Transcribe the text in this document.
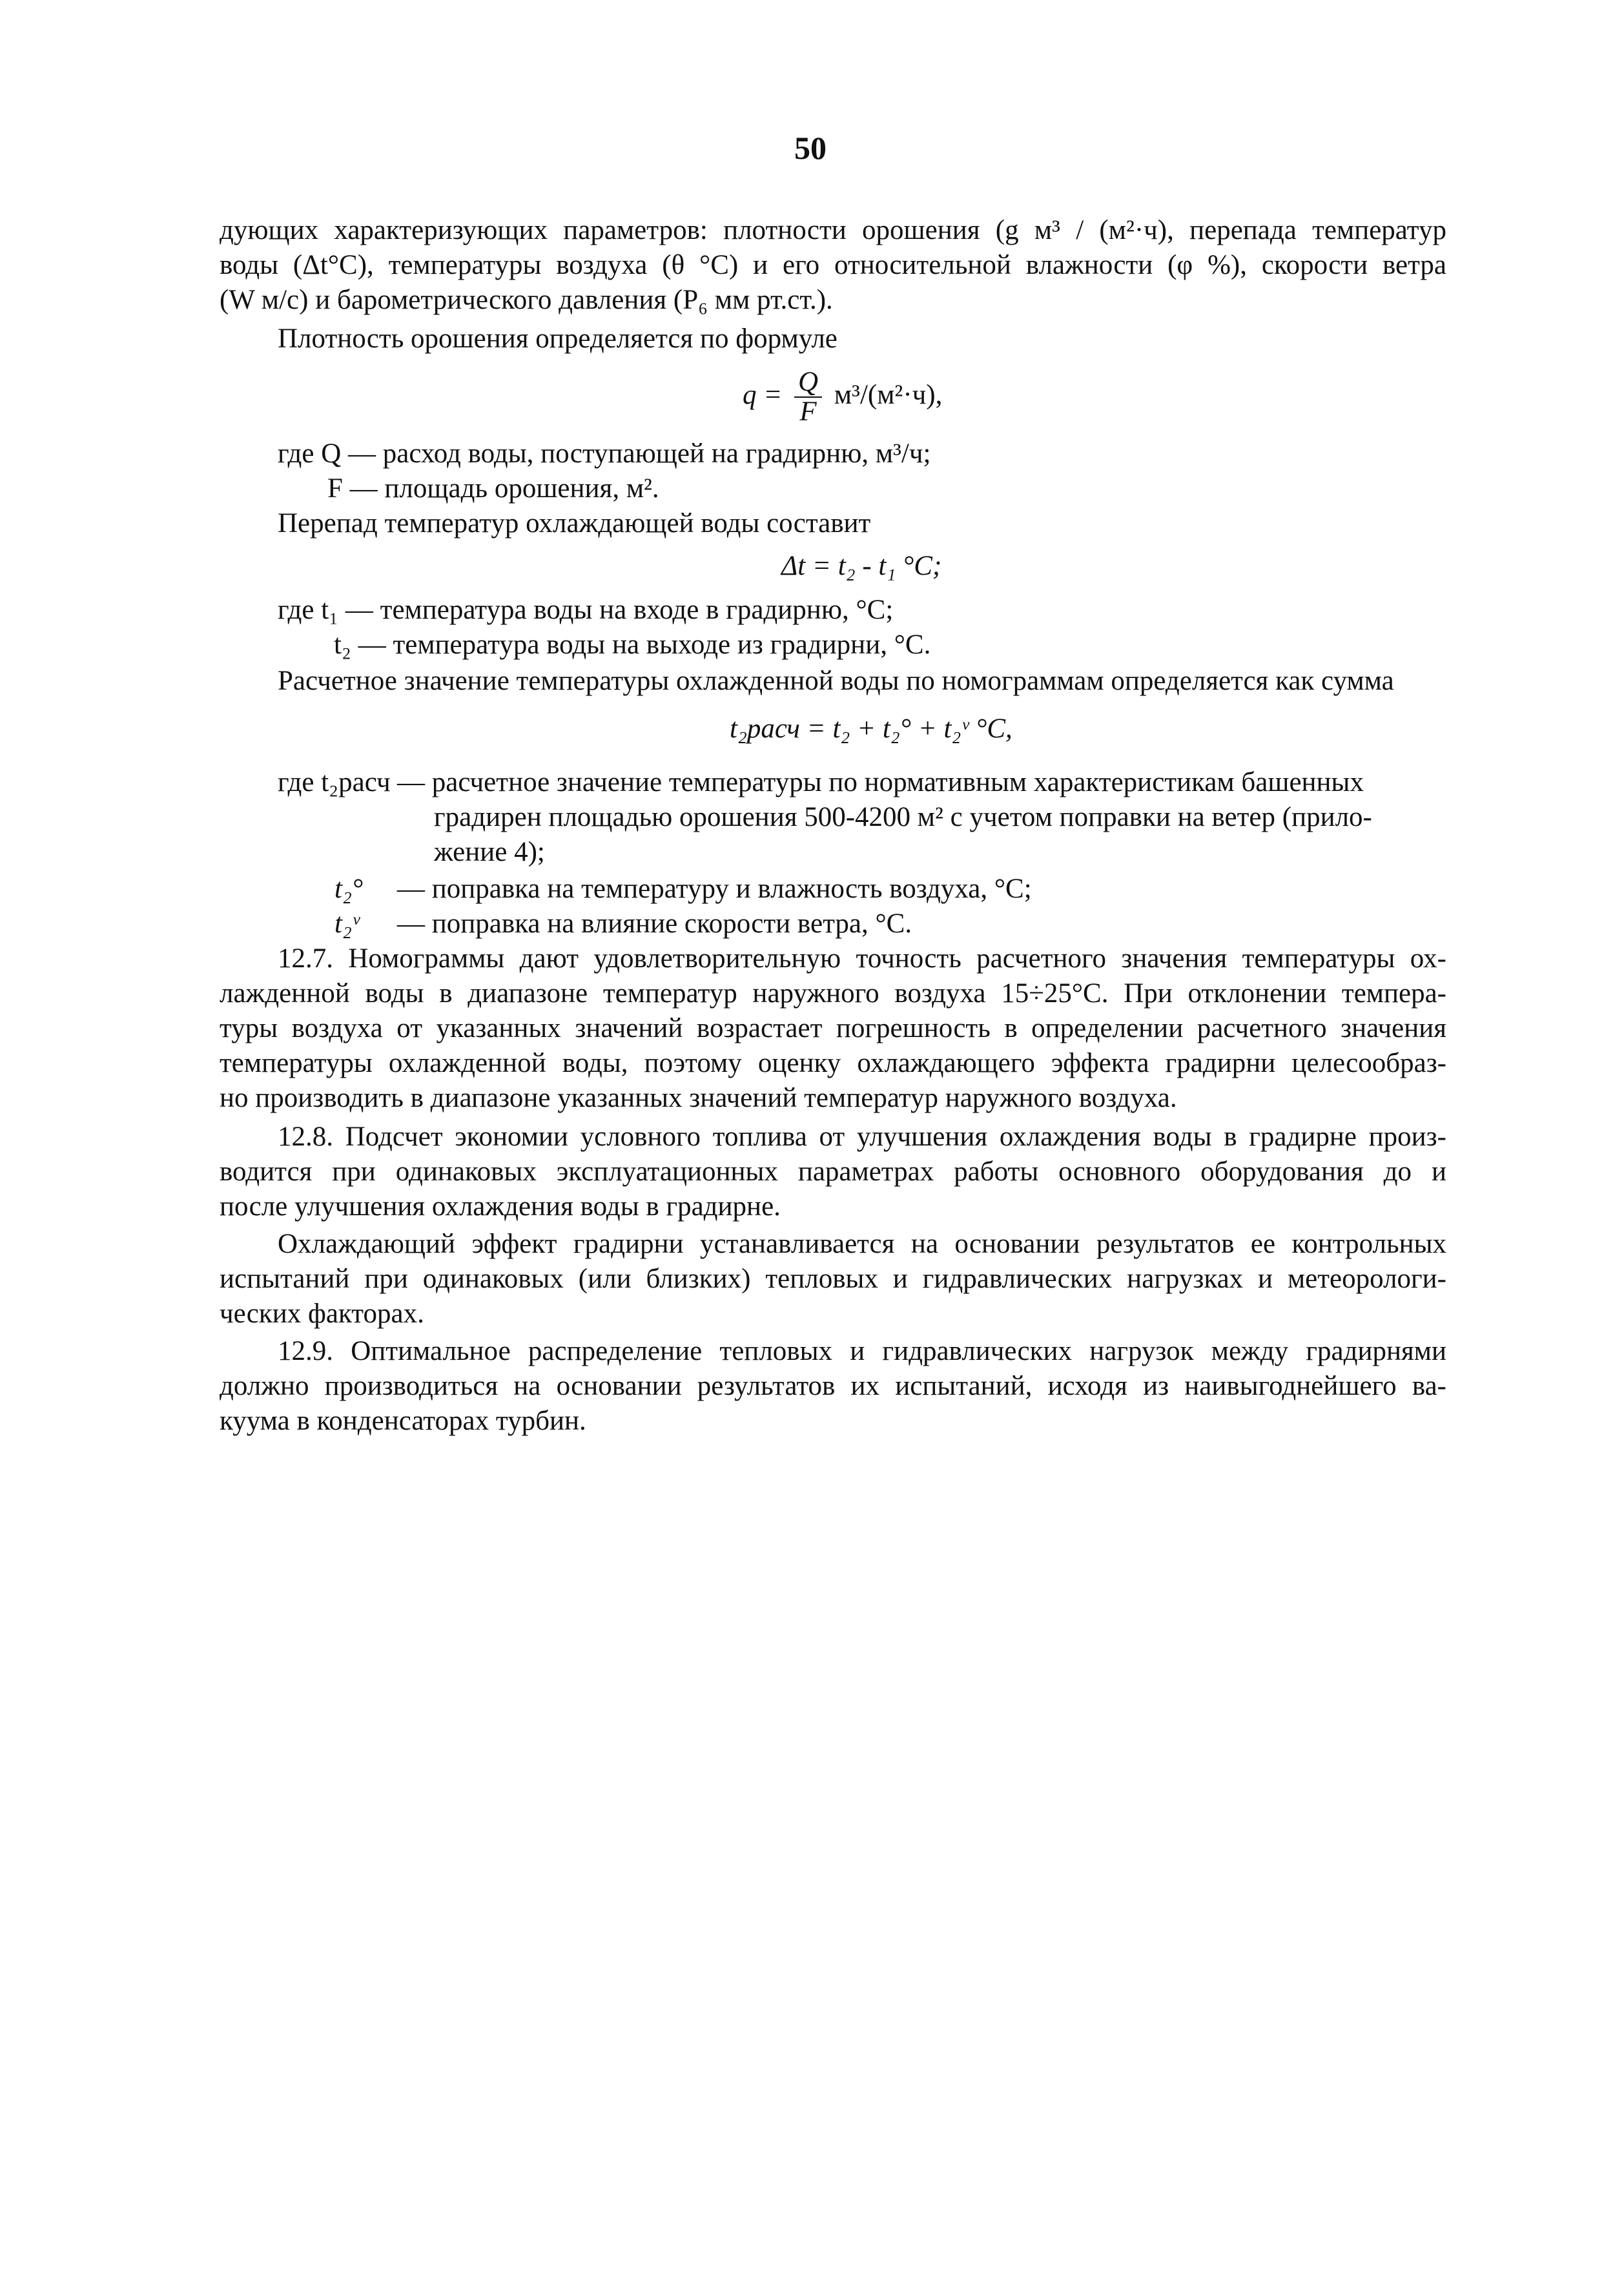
50
дующих характеризующих параметров: плотности орошения (g м³ / (м²·ч), перепада температур
воды (Δt°С), температуры воздуха (θ °С) и его относительной влажности (φ %), скорости ветра
(W м/с) и барометрического давления (Р₆ мм рт.ст.).
Плотность орошения определяется по формуле
$q = \frac{Q}{F} м^3/(м^2\cdot ч)$,
где Q — расход воды, поступающей на градирню, м³/ч;
F — площадь орошения, м².
Перепад температур охлаждающей воды составит
Δt = t₂ - t₁ °С;
где t₁ — температура воды на входе в градирню, °С;
t₂ — температура воды на выходе из градирни, °С.
Расчетное значение температуры охлажденной воды по номограммам определяется как сумма
t₂расч = t₂ + t₂° + t₂ᵛ °С,
где t₂расч — расчетное значение температуры по нормативным характеристикам башенных
градирен площадью орошения 500-4200 м² с учетом поправки на ветер (прило-
жение 4);
t₂° — поправка на температуру и влажность воздуха, °С;
t₂ᵛ — поправка на влияние скорости ветра, °С.
12.7. Номограммы дают удовлетворительную точность расчетного значения температуры ох-
лажденной воды в диапазоне температур наружного воздуха 15÷25°С. При отклонении темпера-
туры воздуха от указанных значений возрастает погрешность в определении расчетного значения
температуры охлажденной воды, поэтому оценку охлаждающего эффекта градирни целесообраз-
но производить в диапазоне указанных значений температур наружного воздуха.
12.8. Подсчет экономии условного топлива от улучшения охлаждения воды в градирне произ-
водится при одинаковых эксплуатационных параметрах работы основного оборудования до и
после улучшения охлаждения воды в градирне.
Охлаждающий эффект градирни устанавливается на основании результатов ее контрольных
испытаний при одинаковых (или близких) тепловых и гидравлических нагрузках и метеорологи-
ческих факторах.
12.9. Оптимальное распределение тепловых и гидравлических нагрузок между градирнями
должно производиться на основании результатов их испытаний, исходя из наивыгоднейшего ва-
куума в конденсаторах турбин.
